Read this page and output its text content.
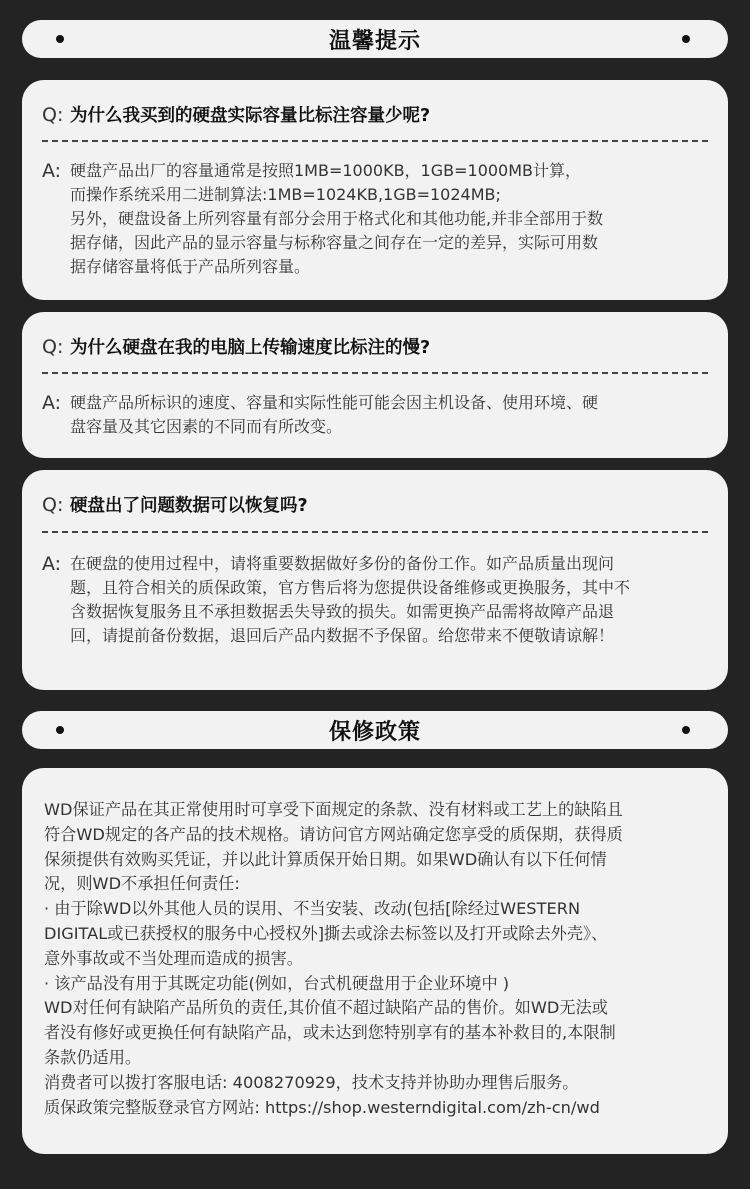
温馨提示
Q: 为什么我买到的硬盘实际容量比标注容量少呢?
A: 硬盘产品出厂的容量通常是按照1MB=1000KB，1GB=1000MB计算，
而操作系统采用二进制算法:1MB=1024KB,1GB=1024MB;
另外，硬盘设备上所列容量有部分会用于格式化和其他功能,并非全部用于数
据存储，因此产品的显示容量与标称容量之间存在一定的差异，实际可用数
据存储容量将低于产品所列容量。
Q: 为什么硬盘在我的电脑上传输速度比标注的慢?
A: 硬盘产品所标识的速度、容量和实际性能可能会因主机设备、使用环境、硬
盘容量及其它因素的不同而有所改变。
Q: 硬盘出了问题数据可以恢复吗?
A: 在硬盘的使用过程中，请将重要数据做好多份的备份工作。如产品质量出现问
题，且符合相关的质保政策，官方售后将为您提供设备维修或更换服务，其中不
含数据恢复服务且不承担数据丢失导致的损失。如需更换产品需将故障产品退
回，请提前备份数据，退回后产品内数据不予保留。给您带来不便敬请谅解！
保修政策
WD保证产品在其正常使用时可享受下面规定的条款、没有材料或工艺上的缺陷且
符合WD规定的各产品的技术规格。请访问官方网站确定您享受的质保期，获得质
保须提供有效购买凭证，并以此计算质保开始日期。如果WD确认有以下任何情
况，则WD不承担任何责任:
· 由于除WD以外其他人员的误用、不当安装、改动(包括[除经过WESTERN
DIGITAL或已获授权的服务中心授权外]撕去或涂去标签以及打开或除去外壳》、
意外事故或不当处理而造成的损害。
· 该产品没有用于其既定功能(例如，台式机硬盘用于企业环境中 )
WD对任何有缺陷产品所负的责任,其价值不超过缺陷产品的售价。如WD无法或
者没有修好或更换任何有缺陷产品，或未达到您特别享有的基本补救目的,本限制
条款仍适用。
消费者可以拨打客服电话: 4008270929，技术支持并协助办理售后服务。
质保政策完整版登录官方网站: https://shop.westerndigital.com/zh-cn/wd
